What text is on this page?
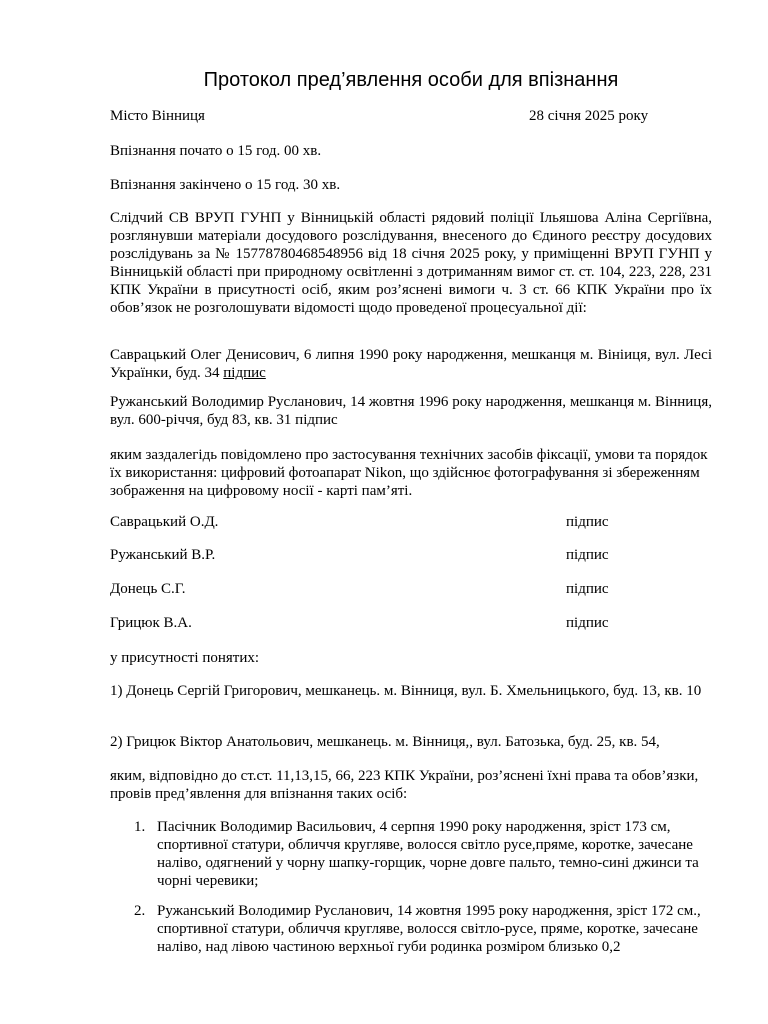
Протокол пред’явлення особи для впізнання
Місто Вінниця	28 січня 2025 року
Впізнання почато о 15 год. 00 хв.
Впізнання закінчено о 15 год. 30 хв.
Слідчий СВ ВРУП ГУНП у Вінницькій області рядовий поліції Ільяшова Аліна Сергіївна, розглянувши матеріали досудового розслідування, внесеного до Єдиного реєстру досудових розслідувань за № 15778780468548956 від 18 січня 2025 року, у приміщенні ВРУП ГУНП у Вінницькій області при природному освітленні з дотриманням вимог ст. ст. 104, 223, 228, 231 КПК України в присутності осіб, яким роз’яснені вимоги ч. 3 ст. 66 КПК України про їх обов’язок не розголошувати відомості щодо проведеної процесуальної дії:
Саврацький Олег Денисович, 6 липня 1990 року народження, мешканця м. Вініиця, вул. Лесі Українки, буд. 34 підпис
Ружанський Володимир Русланович, 14 жовтня 1996 року народження, мешканця м. Вінниця, вул. 600-річчя, буд 83, кв. 31 підпис
яким заздалегідь повідомлено про застосування технічних засобів фіксації, умови та порядок їх використання: цифровий фотоапарат Nikon, що здійснює фотографування зі збереженням зображення на цифровому носії - карті пам’яті.
Саврацький О.Д.	підпис
Ружанський В.Р.	підпис
Донець С.Г.	підпис
Грицюк В.А.	підпис
у присутності понятих:
1) Донець Сергій Григорович, мешканець. м. Вінниця, вул. Б. Хмельницького, буд. 13, кв. 10
2) Грицюк Віктор Анатольович, мешканець. м. Вінниця,, вул. Батозька, буд. 25, кв. 54,
яким, відповідно до ст.ст. 11,13,15, 66, 223 КПК України, роз’яснені їхні права та обов’язки, провів пред’явлення для впізнання таких осіб:
1. Пасічник Володимир Васильович, 4 серпня 1990 року народження, зріст 173 см, спортивної статури, обличчя кругляве, волосся світло русе,пряме, коротке, зачесане наліво, одягнений у чорну шапку-горщик, чорне довге пальто, темно-сині джинси та чорні черевики;
2. Ружанський Володимир Русланович, 14 жовтня 1995 року народження, зріст 172 см., спортивної статури, обличчя кругляве, волосся світло-русе, пряме, коротке, зачесане наліво, над лівою частиною верхньої губи родинка розміром близько 0,2
